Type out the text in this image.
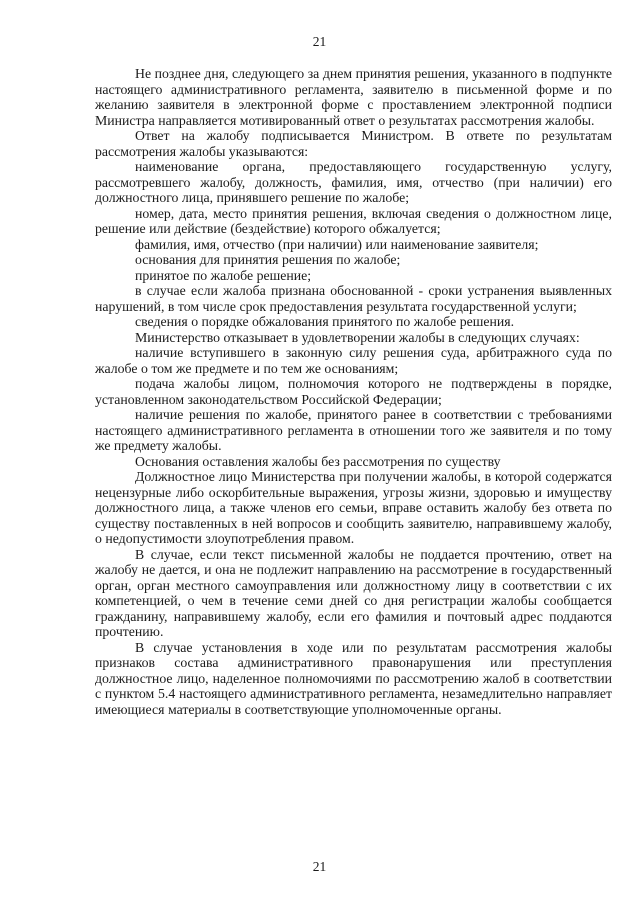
21

Не позднее дня, следующего за днем принятия решения, указанного в подпункте настоящего административного регламента, заявителю в письменной форме и по желанию заявителя в электронной форме с проставлением электронной подписи Министра направляется мотивированный ответ о результатах рассмотрения жалобы.

Ответ на жалобу подписывается Министром. В ответе по результатам рассмотрения жалобы указываются:

наименование органа, предоставляющего государственную услугу, рассмотревшего жалобу, должность, фамилия, имя, отчество (при наличии) его должностного лица, принявшего решение по жалобе;

номер, дата, место принятия решения, включая сведения о должностном лице, решение или действие (бездействие) которого обжалуется;

фамилия, имя, отчество (при наличии) или наименование заявителя;

основания для принятия решения по жалобе;

принятое по жалобе решение;

в случае если жалоба признана обоснованной - сроки устранения выявленных нарушений, в том числе срок предоставления результата государственной услуги;

сведения о порядке обжалования принятого по жалобе решения.

Министерство отказывает в удовлетворении жалобы в следующих случаях:

наличие вступившего в законную силу решения суда, арбитражного суда по жалобе о том же предмете и по тем же основаниям;

подача жалобы лицом, полномочия которого не подтверждены в порядке, установленном законодательством Российской Федерации;

наличие решения по жалобе, принятого ранее в соответствии с требованиями настоящего административного регламента в отношении того же заявителя и по тому же предмету жалобы.

Основания оставления жалобы без рассмотрения по существу

Должностное лицо Министерства при получении жалобы, в которой содержатся нецензурные либо оскорбительные выражения, угрозы жизни, здоровью и имуществу должностного лица, а также членов его семьи, вправе оставить жалобу без ответа по существу поставленных в ней вопросов и сообщить заявителю, направившему жалобу, о недопустимости злоупотребления правом.

В случае, если текст письменной жалобы не поддается прочтению, ответ на жалобу не дается, и она не подлежит направлению на рассмотрение в государственный орган, орган местного самоуправления или должностному лицу в соответствии с их компетенцией, о чем в течение семи дней со дня регистрации жалобы сообщается гражданину, направившему жалобу, если его фамилия и почтовый адрес поддаются прочтению.

В случае установления в ходе или по результатам рассмотрения жалобы признаков состава административного правонарушения или преступления должностное лицо, наделенное полномочиями по рассмотрению жалоб в соответствии с пунктом 5.4 настоящего административного регламента, незамедлительно направляет имеющиеся материалы в соответствующие уполномоченные органы.

21
